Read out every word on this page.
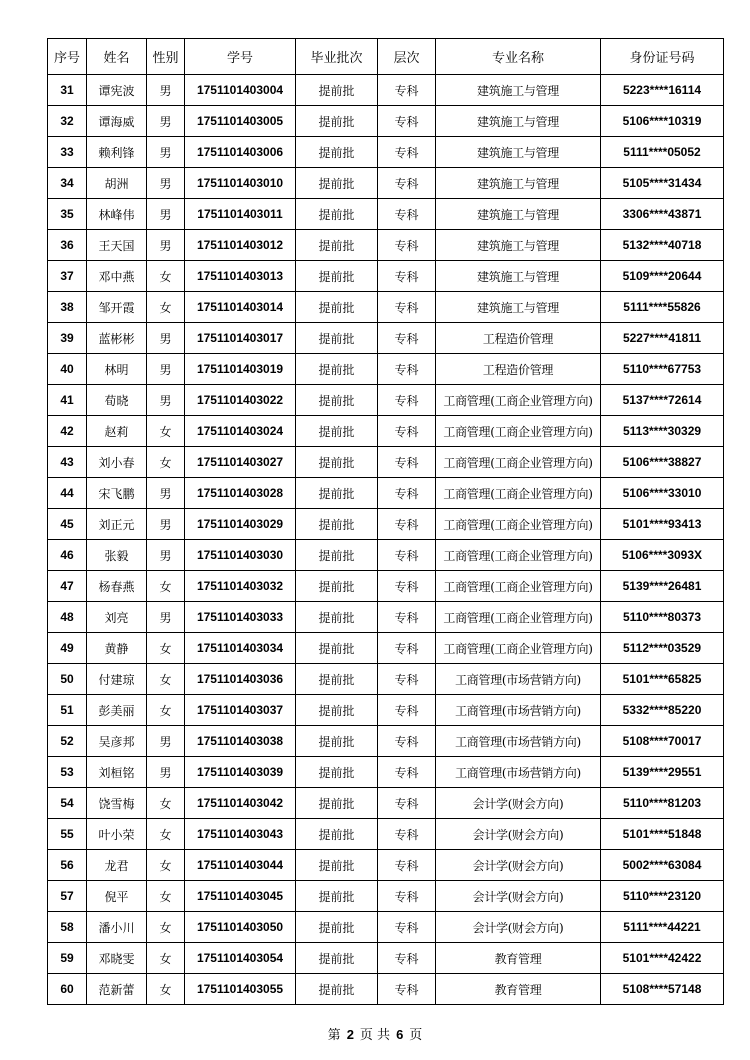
序号	姓名	性别	学号	毕业批次	层次	专业名称	身份证号码
31	谭宪波	男	1751101403004	提前批	专科	建筑施工与管理	5223****16114
32	谭海威	男	1751101403005	提前批	专科	建筑施工与管理	5106****10319
33	赖利锋	男	1751101403006	提前批	专科	建筑施工与管理	5111****05052
34	胡洲	男	1751101403010	提前批	专科	建筑施工与管理	5105****31434
35	林峰伟	男	1751101403011	提前批	专科	建筑施工与管理	3306****43871
36	王天国	男	1751101403012	提前批	专科	建筑施工与管理	5132****40718
37	邓中燕	女	1751101403013	提前批	专科	建筑施工与管理	5109****20644
38	邹开霞	女	1751101403014	提前批	专科	建筑施工与管理	5111****55826
39	蓝彬彬	男	1751101403017	提前批	专科	工程造价管理	5227****41811
40	林明	男	1751101403019	提前批	专科	工程造价管理	5110****67753
41	荀晓	男	1751101403022	提前批	专科	工商管理(工商企业管理方向)	5137****72614
42	赵莉	女	1751101403024	提前批	专科	工商管理(工商企业管理方向)	5113****30329
43	刘小春	女	1751101403027	提前批	专科	工商管理(工商企业管理方向)	5106****38827
44	宋飞鹏	男	1751101403028	提前批	专科	工商管理(工商企业管理方向)	5106****33010
45	刘正元	男	1751101403029	提前批	专科	工商管理(工商企业管理方向)	5101****93413
46	张毅	男	1751101403030	提前批	专科	工商管理(工商企业管理方向)	5106****3093X
47	杨春燕	女	1751101403032	提前批	专科	工商管理(工商企业管理方向)	5139****26481
48	刘亮	男	1751101403033	提前批	专科	工商管理(工商企业管理方向)	5110****80373
49	黄静	女	1751101403034	提前批	专科	工商管理(工商企业管理方向)	5112****03529
50	付建琼	女	1751101403036	提前批	专科	工商管理(市场营销方向)	5101****65825
51	彭美丽	女	1751101403037	提前批	专科	工商管理(市场营销方向)	5332****85220
52	吴彦邦	男	1751101403038	提前批	专科	工商管理(市场营销方向)	5108****70017
53	刘桓铭	男	1751101403039	提前批	专科	工商管理(市场营销方向)	5139****29551
54	饶雪梅	女	1751101403042	提前批	专科	会计学(财会方向)	5110****81203
55	叶小荣	女	1751101403043	提前批	专科	会计学(财会方向)	5101****51848
56	龙君	女	1751101403044	提前批	专科	会计学(财会方向)	5002****63084
57	倪平	女	1751101403045	提前批	专科	会计学(财会方向)	5110****23120
58	潘小川	女	1751101403050	提前批	专科	会计学(财会方向)	5111****44221
59	邓晓雯	女	1751101403054	提前批	专科	教育管理	5101****42422
60	范新蕾	女	1751101403055	提前批	专科	教育管理	5108****57148
第 2 页 共 6 页
